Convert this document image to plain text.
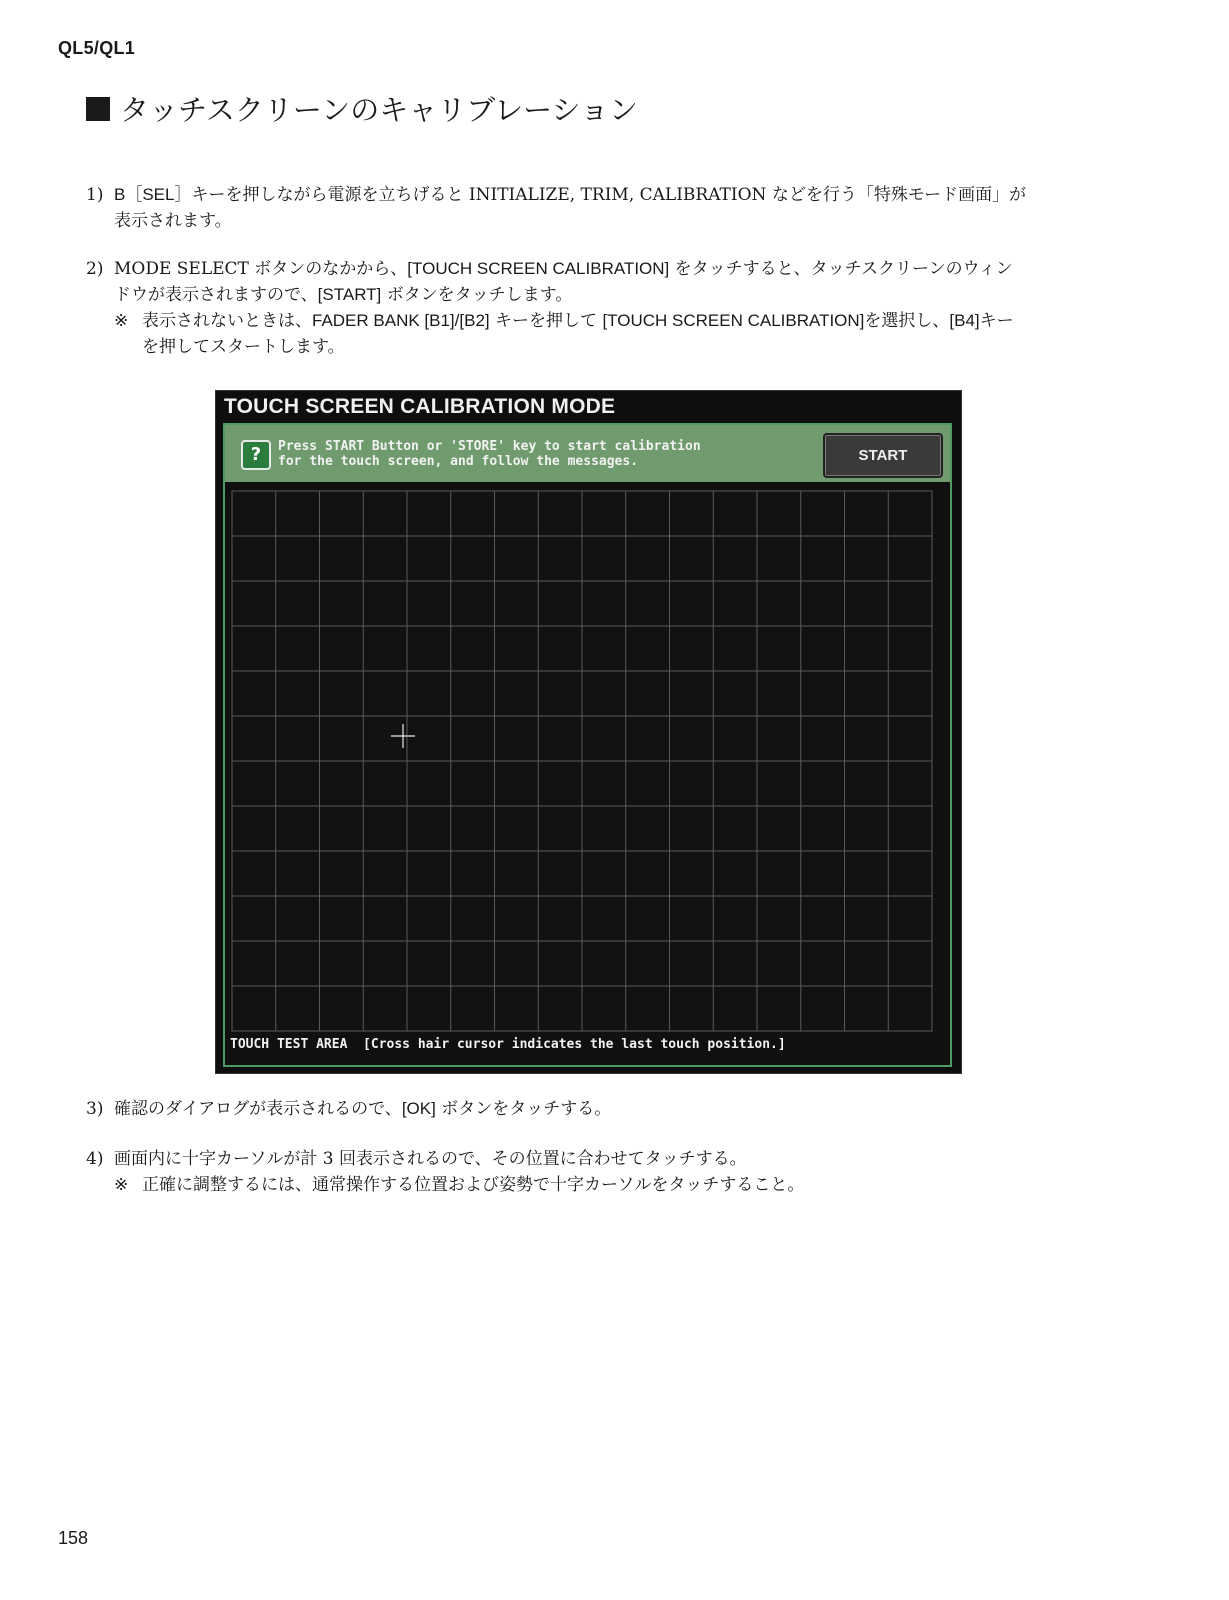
QL5/QL1
タッチスクリーンのキャリブレーション
1) B［SEL］キーを押しながら電源を立ちげると INITIALIZE, TRIM, CALIBRATION などを行う「特殊モード画面」が
表示されます。
2) MODE SELECT ボタンのなかから、[TOUCH SCREEN CALIBRATION] をタッチすると、タッチスクリーンのウィン
ドウが表示されますので、[START] ボタンをタッチします。
※ 表示されないときは、FADER BANK [B1]/[B2] キーを押して [TOUCH SCREEN CALIBRATION]を選択し、[B4]キー
を押してスタートします。
TOUCH SCREEN CALIBRATION MODE
?	Press START Button or 'STORE' key to start calibration
for the touch screen, and follow the messages.	START
TOUCH TEST AREA  [Cross hair cursor indicates the last touch position.]
3) 確認のダイアログが表示されるので、[OK] ボタンをタッチする。
4) 画面内に十字カーソルが計 3 回表示されるので、その位置に合わせてタッチする。
※ 正確に調整するには、通常操作する位置および姿勢で十字カーソルをタッチすること。
158
